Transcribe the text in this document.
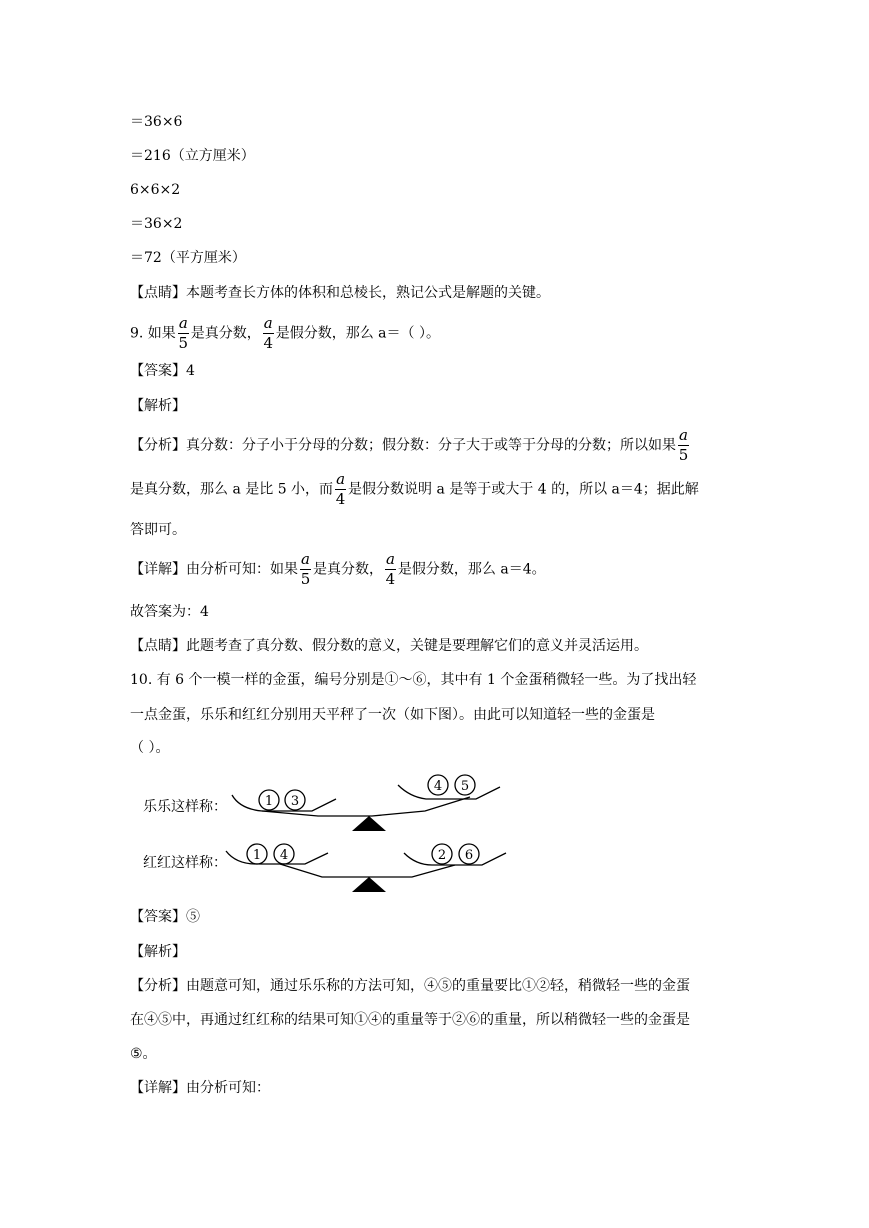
＝36×6
＝216（立方厘米）
6×6×2
＝36×2
＝72（平方厘米）
【点睛】本题考查长方体的体积和总棱长，熟记公式是解题的关键。
9. 如果 $\frac{a}{5}$ 是真分数， $\frac{a}{4}$ 是假分数，那么 a＝（ ）。
【答案】4
【解析】
【分析】真分数：分子小于分母的分数；假分数：分子大于或等于分母的分数；所以如果 $\frac{a}{5}$
是真分数，那么 a 是比 5 小，而 $\frac{a}{4}$ 是假分数说明 a 是等于或大于 4 的，所以 a＝4；据此解
答即可。
【详解】由分析可知：如果 $\frac{a}{5}$ 是真分数， $\frac{a}{4}$ 是假分数，那么 a＝4。
故答案为：4
【点睛】此题考查了真分数、假分数的意义，关键是要理解它们的意义并灵活运用。
10. 有 6 个一模一样的金蛋，编号分别是①～⑥，其中有 1 个金蛋稍微轻一些。为了找出轻
一点金蛋，乐乐和红红分别用天平秤了一次（如下图）。由此可以知道轻一些的金蛋是
（ ）。
乐乐这样称：	1 3
4 5
红红这样称： 1 4	2 6
【答案】⑤
【解析】
【分析】由题意可知，通过乐乐称的方法可知，④⑤的重量要比①②轻，稍微轻一些的金蛋
在④⑤中，再通过红红称的结果可知①④的重量等于②⑥的重量，所以稍微轻一些的金蛋是
⑤。
【详解】由分析可知：
